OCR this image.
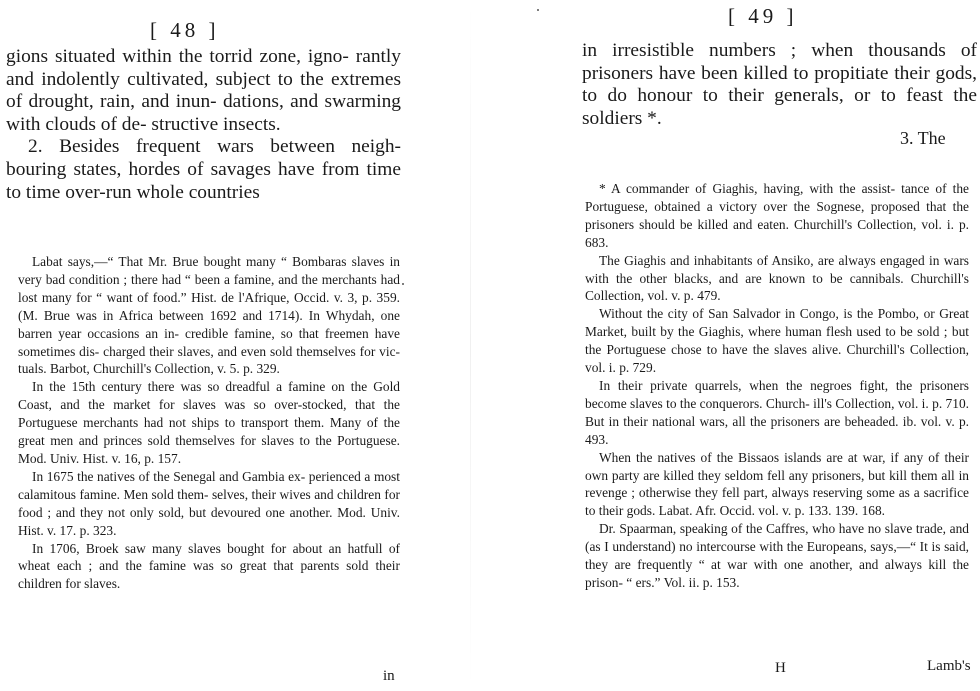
[ 48 ]

gions situated within the torrid zone, igno- rantly and indolently cultivated, subject to the extremes of drought, rain, and inun- dations, and swarming with clouds of de- structive insects.

2. Besides frequent wars between neigh- bouring states, hordes of savages have from time to time over-run whole countries

Labat says,—“ That Mr. Brue bought many “ Bombaras slaves in very bad condition ; there had “ been a famine, and the merchants had lost many for “ want of food.” Hist. de l'Afrique, Occid. v. 3, p. 359. (M. Brue was in Africa between 1692 and 1714). In Whydah, one barren year occasions an in- credible famine, so that freemen have sometimes dis- charged their slaves, and even sold themselves for vic- tuals. Barbot, Churchill's Collection, v. 5. p. 329.

In the 15th century there was so dreadful a famine on the Gold Coast, and the market for slaves was so over-stocked, that the Portuguese merchants had not ships to transport them. Many of the great men and princes sold themselves for slaves to the Portuguese. Mod. Univ. Hist. v. 16, p. 157.

In 1675 the natives of the Senegal and Gambia ex- perienced a most calamitous famine. Men sold them- selves, their wives and children for food ; and they not only sold, but devoured one another. Mod. Univ. Hist. v. 17. p. 323.

In 1706, Broek saw many slaves bought for about an hatfull of wheat each ; and the famine was so great that parents sold their children for slaves.

in
[ 49 ]

in irresistible numbers ; when thousands of prisoners have been killed to propitiate their gods, to do honour to their generals, or to feast the soldiers *.

3. The

* A commander of Giaghis, having, with the assist- tance of the Portuguese, obtained a victory over the Sognese, proposed that the prisoners should be killed and eaten. Churchill's Collection, vol. i. p. 683.

The Giaghis and inhabitants of Ansiko, are always engaged in wars with the other blacks, and are known to be cannibals. Churchill's Collection, vol. v. p. 479.

Without the city of San Salvador in Congo, is the Pombo, or Great Market, built by the Giaghis, where human flesh used to be sold ; but the Portuguese chose to have the slaves alive. Churchill's Collection, vol. i. p. 729.

In their private quarrels, when the negroes fight, the prisoners become slaves to the conquerors. Church- ill's Collection, vol. i. p. 710. But in their national wars, all the prisoners are beheaded. ib. vol. v. p. 493.

When the natives of the Bissaos islands are at war, if any of their own party are killed they seldom fell any prisoners, but kill them all in revenge ; otherwise they fell part, always reserving some as a sacrifice to their gods. Labat. Afr. Occid. vol. v. p. 133. 139. 168.

Dr. Spaarman, speaking of the Caffres, who have no slave trade, and (as I understand) no intercourse with the Europeans, says,—“ It is said, they are frequently “ at war with one another, and always kill the prison- “ ers.” Vol. ii. p. 153.

H	Lamb's
